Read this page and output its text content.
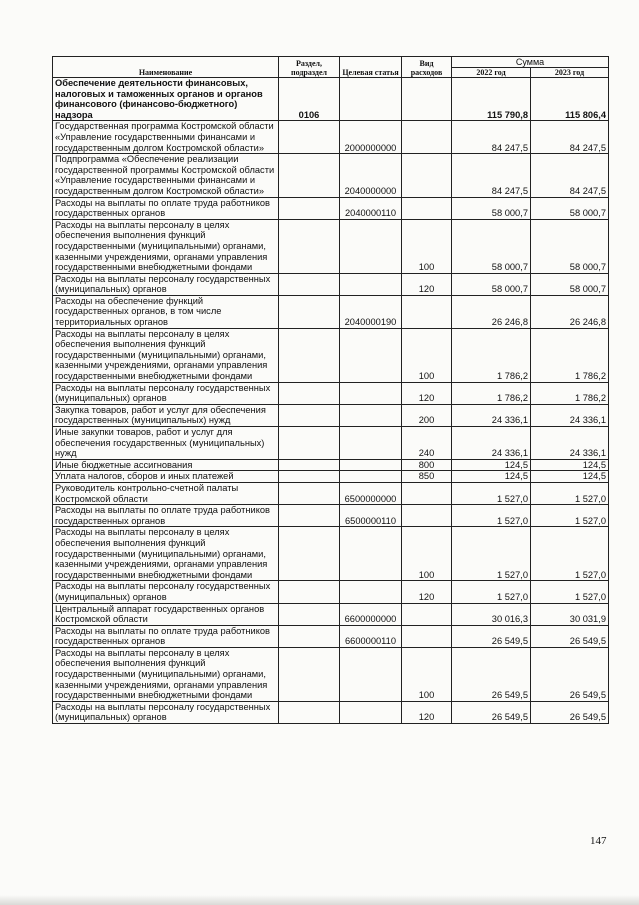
Наименование	Раздел, подраздел	Целевая статья	Вид расходов	Сумма	
				2022 год	2023 год
Обеспечение деятельности финансовых, налоговых и таможенных органов и органов финансового (финансово-бюджетного) надзора	0106			115 790,8	115 806,4
Государственная программа Костромской области «Управление государственными финансами и государственным долгом Костромской области»		2000000000		84 247,5	84 247,5
Подпрограмма «Обеспечение реализации государственной программы Костромской области «Управление государственными финансами и государственным долгом Костромской области»		2040000000		84 247,5	84 247,5
Расходы на выплаты по оплате труда работников государственных органов		2040000110		58 000,7	58 000,7
Расходы на выплаты персоналу в целях обеспечения выполнения функций государственными (муниципальными) органами, казенными учреждениями, органами управления государственными внебюджетными фондами			100	58 000,7	58 000,7
Расходы на выплаты персоналу государственных (муниципальных) органов			120	58 000,7	58 000,7
Расходы на обеспечение функций государственных органов, в том числе территориальных органов		2040000190		26 246,8	26 246,8
Расходы на выплаты персоналу в целях обеспечения выполнения функций государственными (муниципальными) органами, казенными учреждениями, органами управления государственными внебюджетными фондами			100	1 786,2	1 786,2
Расходы на выплаты персоналу государственных (муниципальных) органов			120	1 786,2	1 786,2
Закупка товаров, работ и услуг для обеспечения государственных (муниципальных) нужд			200	24 336,1	24 336,1
Иные закупки товаров, работ и услуг для обеспечения государственных (муниципальных) нужд			240	24 336,1	24 336,1
Иные бюджетные ассигнования			800	124,5	124,5
Уплата налогов, сборов и иных платежей			850	124,5	124,5
Руководитель контрольно-счетной палаты Костромской области		6500000000		1 527,0	1 527,0
Расходы на выплаты по оплате труда работников государственных органов		6500000110		1 527,0	1 527,0
Расходы на выплаты персоналу в целях обеспечения выполнения функций государственными (муниципальными) органами, казенными учреждениями, органами управления государственными внебюджетными фондами			100	1 527,0	1 527,0
Расходы на выплаты персоналу государственных (муниципальных) органов			120	1 527,0	1 527,0
Центральный аппарат государственных органов Костромской области		6600000000		30 016,3	30 031,9
Расходы на выплаты по оплате труда работников государственных органов		6600000110		26 549,5	26 549,5
Расходы на выплаты персоналу в целях обеспечения выполнения функций государственными (муниципальными) органами, казенными учреждениями, органами управления государственными внебюджетными фондами			100	26 549,5	26 549,5
Расходы на выплаты персоналу государственных (муниципальных) органов			120	26 549,5	26 549,5
147
